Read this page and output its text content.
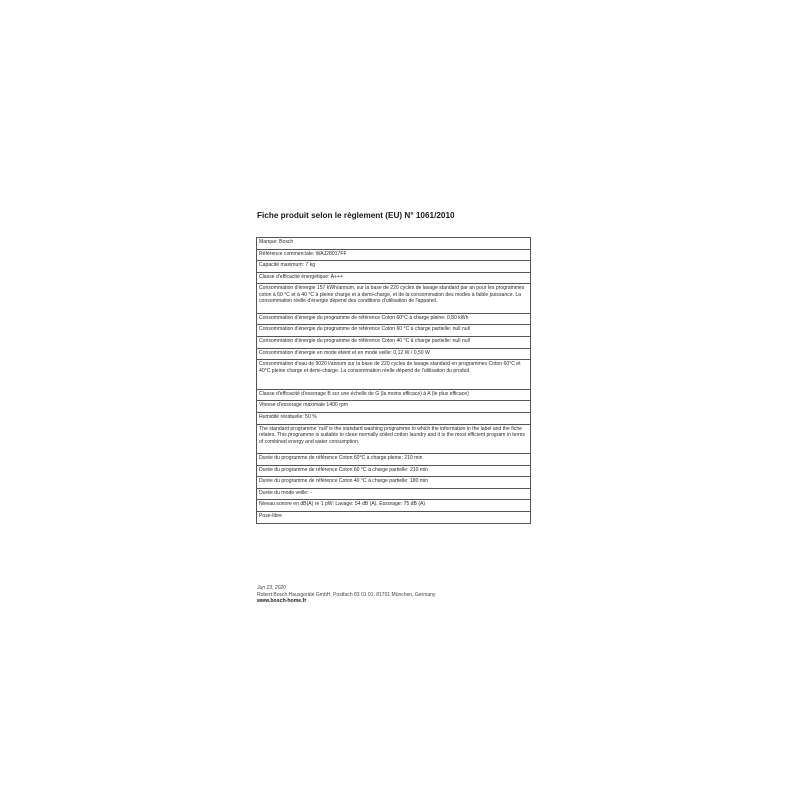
Fiche produit selon le règlement (EU) N° 1061/2010
Marque: Bosch
Référence commerciale: WAJ28017FF
Capacité maximum: 7 kg
Classe d'efficacité énergétique: A+++
Consommation d'énergie 157 kWh/annum, sur la base de 220 cycles de lavage standard par an pour les programmes coton à 60 °C et à 40 °C à pleine charge et à demi-charge, et de la consommation des modes à faible puissance. La consommation réelle d'énergie dépend des conditions d'utilisation de l'appareil.
Consommation d'énergie du programme de référence Coton 60°C à charge pleine: 0,80 kWh
Consommation d'énergie du programme de référence Coton 60 °C à charge partielle: null null
Consommation d'énergie du programme de référence Coton 40 °C à charge partielle: null null
Consommation d'énergie en mode éteint et en mode veille: 0,12 W / 0,50 W
Consommation d'eau de 9020 l/annum sur la base de 220 cycles de lavage standard en programmes Coton 60°C et 40°C pleine charge et demi-charge. La consommation réelle dépend de l'utilisation du produit.
Classe d'efficacité d'essorage B sur une échelle de G (la moins efficace) à A (le plus efficace)
Vitesse d'essorage maximale 1400 rpm
Humidité résiduelle: 50 %
The standard programme 'null' is the standard washing programme to which the information in the label and the fiche relates. This programme is suitable to clean normally soiled cotton laundry and it is the most efficient program in terms of combined energy and water consumption.
Durée du programme de référence Coton 60°C à charge pleine: 210 min
Durée du programme de référence Coton 60 °C à charge partielle: 210 min
Durée du programme de référence Coton 40 °C à charge partielle: 180 min
Durée du mode veille: -
Niveau sonore en dB(A) re 1 pW: Lavage: 54 dB (A), Essorage: 75 dB (A)
Pose-libre
Jun 23, 2020
Robert Bosch Hausgeräte GmbH, Postfach 83 01 01, 81701 München, Germany
www.bosch-home.fr
